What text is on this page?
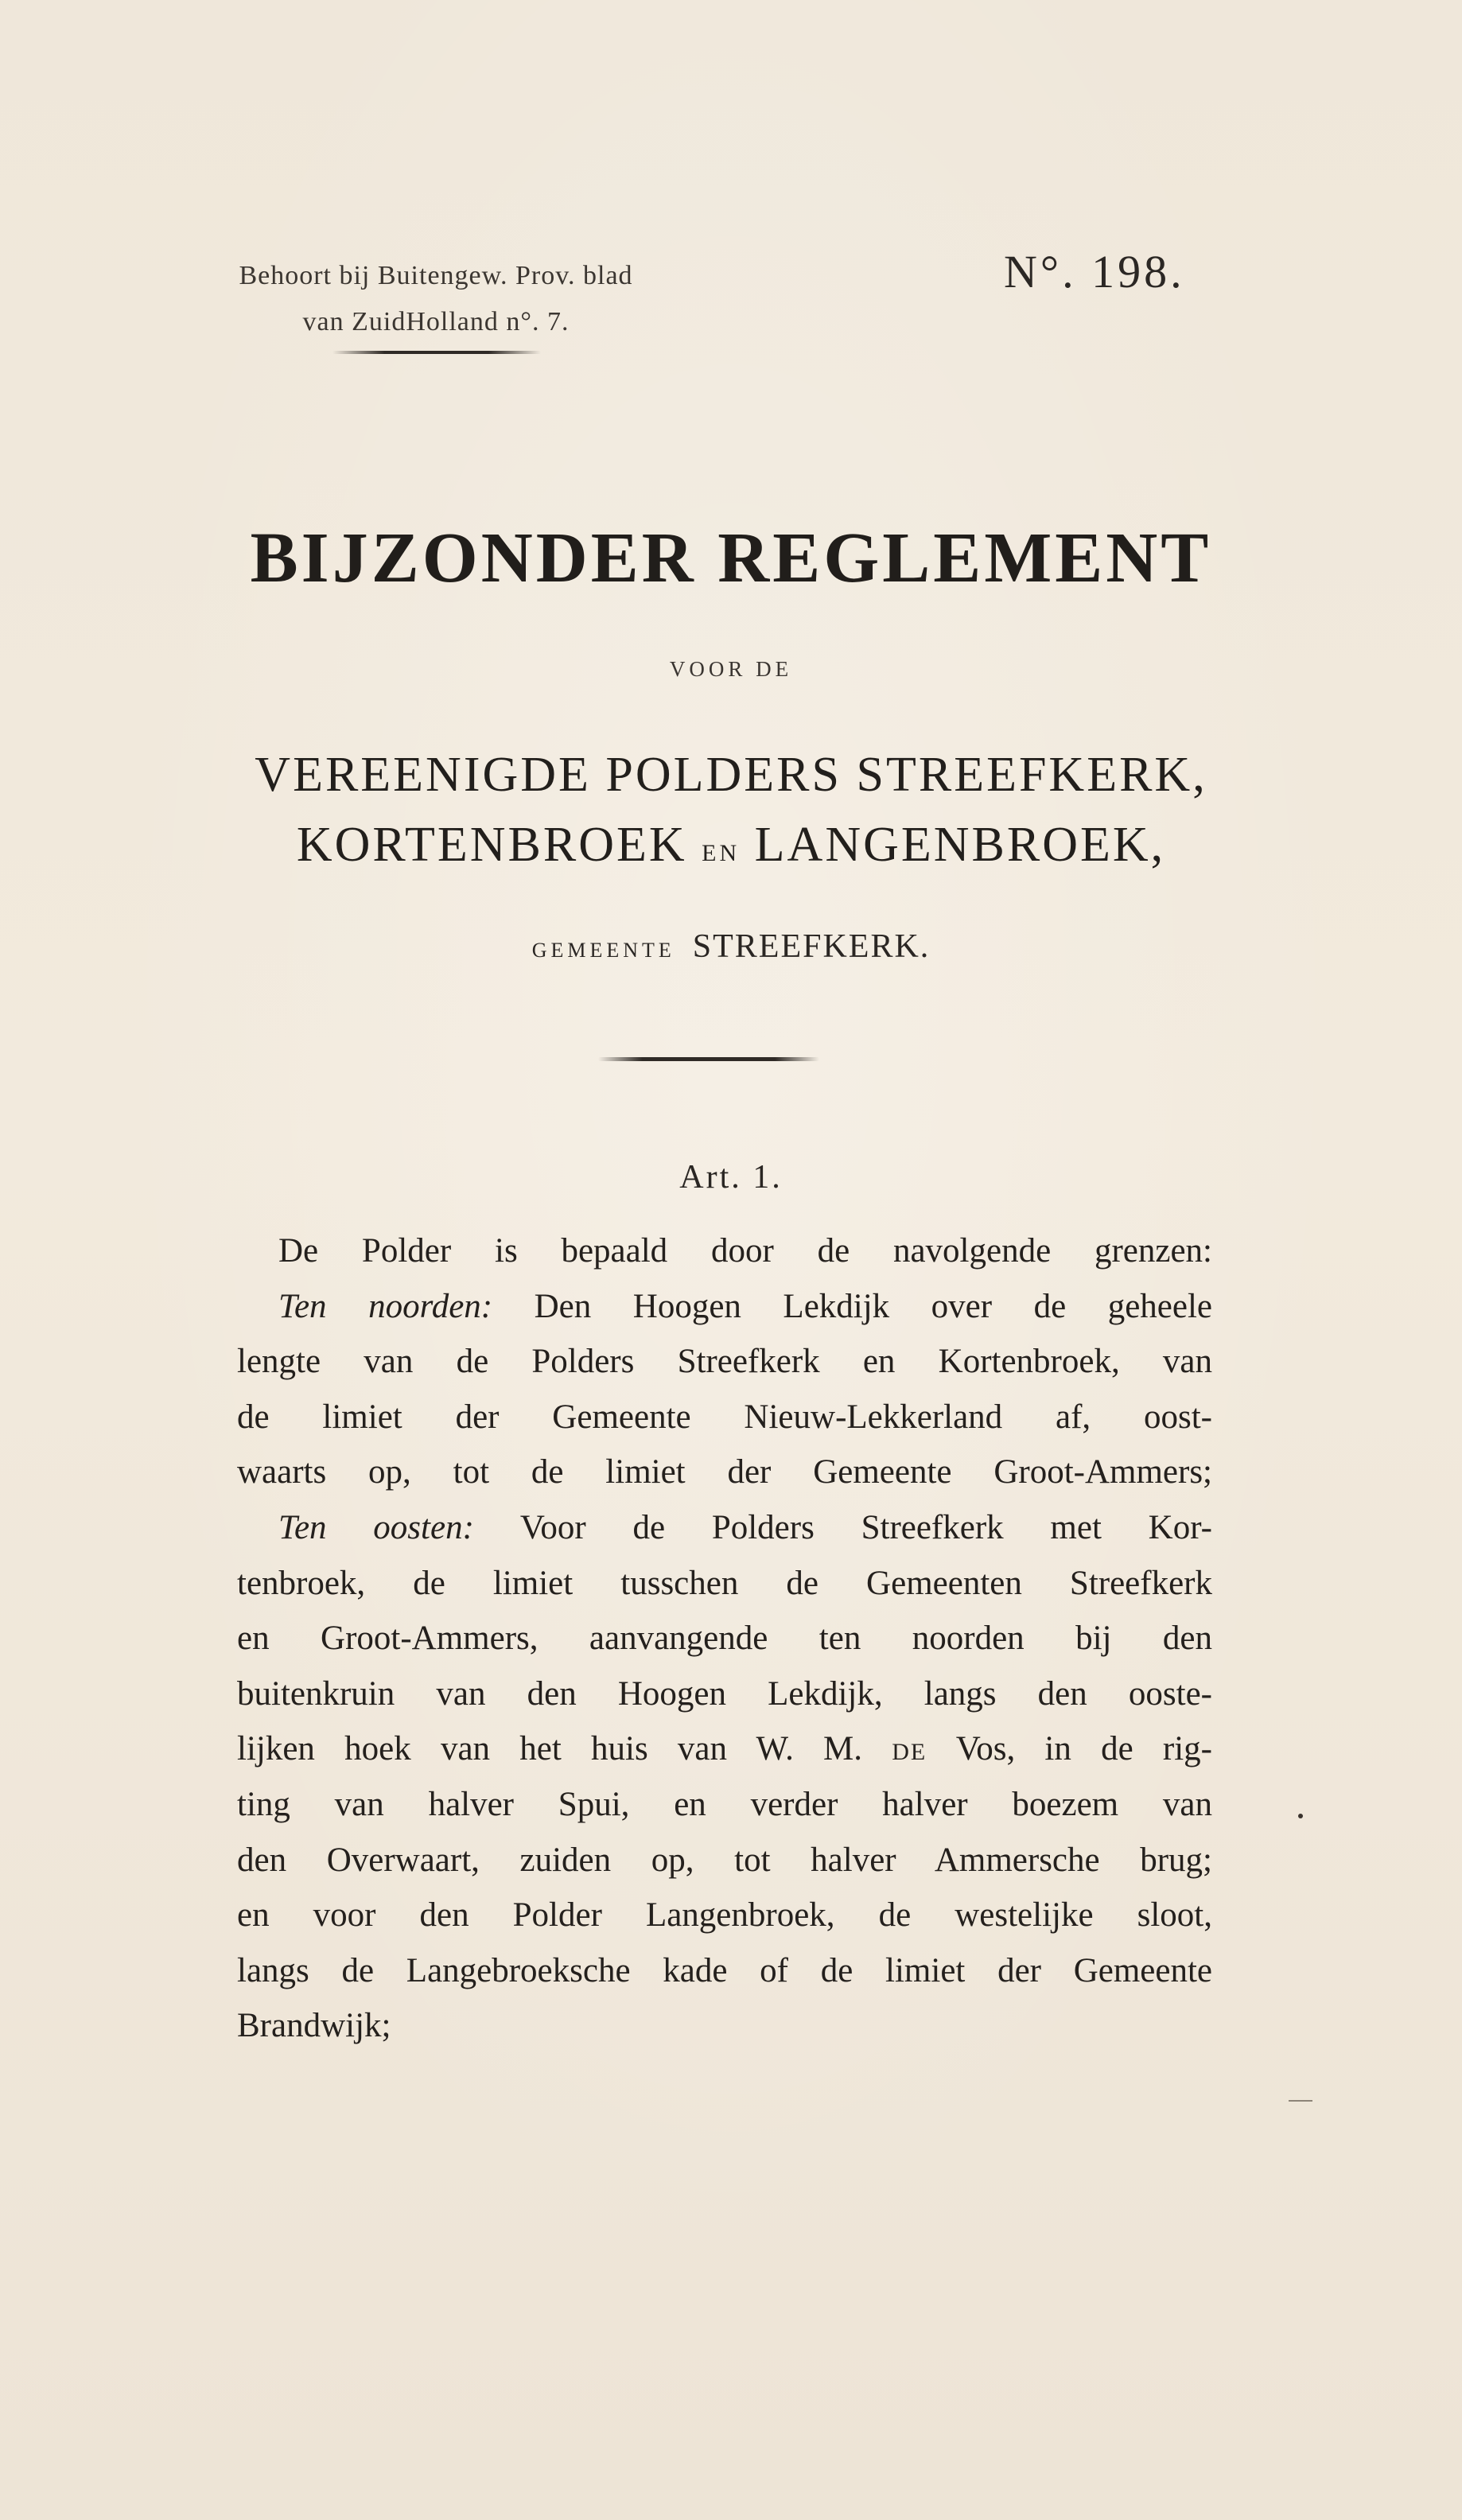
Behoort bij Buitengew. Prov. blad
van ZuidHolland n°. 7.
N°. 198.
BIJZONDER REGLEMENT
VOOR DE
VEREENIGDE POLDERS STREEFKERK,
KORTENBROEK EN LANGENBROEK,
GEMEENTE STREEFKERK.
Art. 1.
De Polder is bepaald door de navolgende grenzen:
Ten noorden: Den Hoogen Lekdijk over de geheele
lengte van de Polders Streefkerk en Kortenbroek, van
de limiet der Gemeente Nieuw-Lekkerland af, oost-
waarts op, tot de limiet der Gemeente Groot-Ammers;
Ten oosten: Voor de Polders Streefkerk met Kor-
tenbroek, de limiet tusschen de Gemeenten Streefkerk
en Groot-Ammers, aanvangende ten noorden bij den
buitenkruin van den Hoogen Lekdijk, langs den ooste-
lijken hoek van het huis van W. M. DE Vos, in de rig-
ting van halver Spui, en verder halver boezem van
den Overwaart, zuiden op, tot halver Ammersche brug;
en voor den Polder Langenbroek, de westelijke sloot,
langs de Langebroeksche kade of de limiet der Gemeente
Brandwijk;
